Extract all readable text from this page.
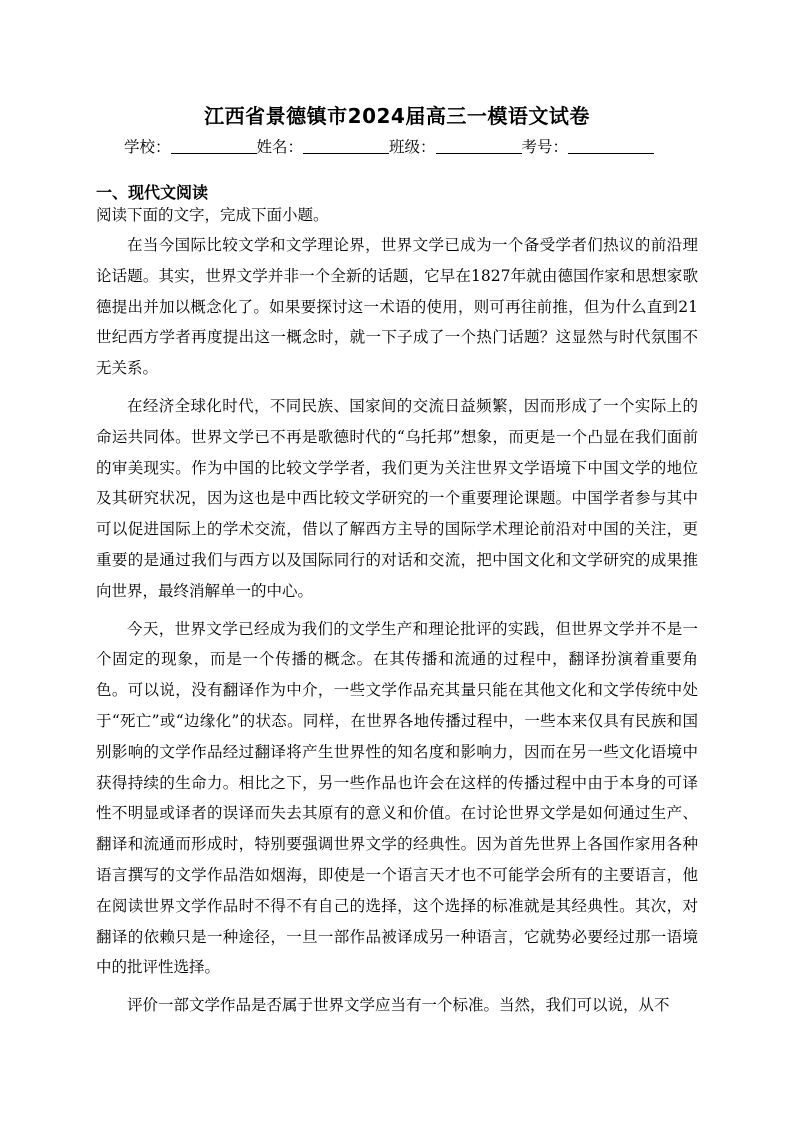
江西省景德镇市2024届高三一模语文试卷
学校：	姓名：	班级：	考号：
一、现代文阅读
阅读下面的文字，完成下面小题。

在当今国际比较文学和文学理论界，世界文学已成为一个备受学者们热议的前沿理论话题。其实，世界文学并非一个全新的话题，它早在1827年就由德国作家和思想家歌德提出并加以概念化了。如果要探讨这一术语的使用，则可再往前推，但为什么直到21世纪西方学者再度提出这一概念时，就一下子成了一个热门话题？这显然与时代氛围不无关系。

在经济全球化时代，不同民族、国家间的交流日益频繁，因而形成了一个实际上的命运共同体。世界文学已不再是歌德时代的“乌托邦”想象，而更是一个凸显在我们面前的审美现实。作为中国的比较文学学者，我们更为关注世界文学语境下中国文学的地位及其研究状况，因为这也是中西比较文学研究的一个重要理论课题。中国学者参与其中可以促进国际上的学术交流，借以了解西方主导的国际学术理论前沿对中国的关注，更重要的是通过我们与西方以及国际同行的对话和交流，把中国文化和文学研究的成果推向世界，最终消解单一的中心。

今天，世界文学已经成为我们的文学生产和理论批评的实践，但世界文学并不是一个固定的现象，而是一个传播的概念。在其传播和流通的过程中，翻译扮演着重要角色。可以说，没有翻译作为中介，一些文学作品充其量只能在其他文化和文学传统中处于“死亡”或“边缘化”的状态。同样，在世界各地传播过程中，一些本来仅具有民族和国别影响的文学作品经过翻译将产生世界性的知名度和影响力，因而在另一些文化语境中获得持续的生命力。相比之下，另一些作品也许会在这样的传播过程中由于本身的可译性不明显或译者的误译而失去其原有的意义和价值。在讨论世界文学是如何通过生产、翻译和流通而形成时，特别要强调世界文学的经典性。因为首先世界上各国作家用各种语言撰写的文学作品浩如烟海，即使是一个语言天才也不可能学会所有的主要语言，他在阅读世界文学作品时不得不有自己的选择，这个选择的标准就是其经典性。其次，对翻译的依赖只是一种途径，一旦一部作品被译成另一种语言，它就势必要经过那一语境中的批评性选择。

评价一部文学作品是否属于世界文学应当有一个标准。当然，我们可以说，从不
